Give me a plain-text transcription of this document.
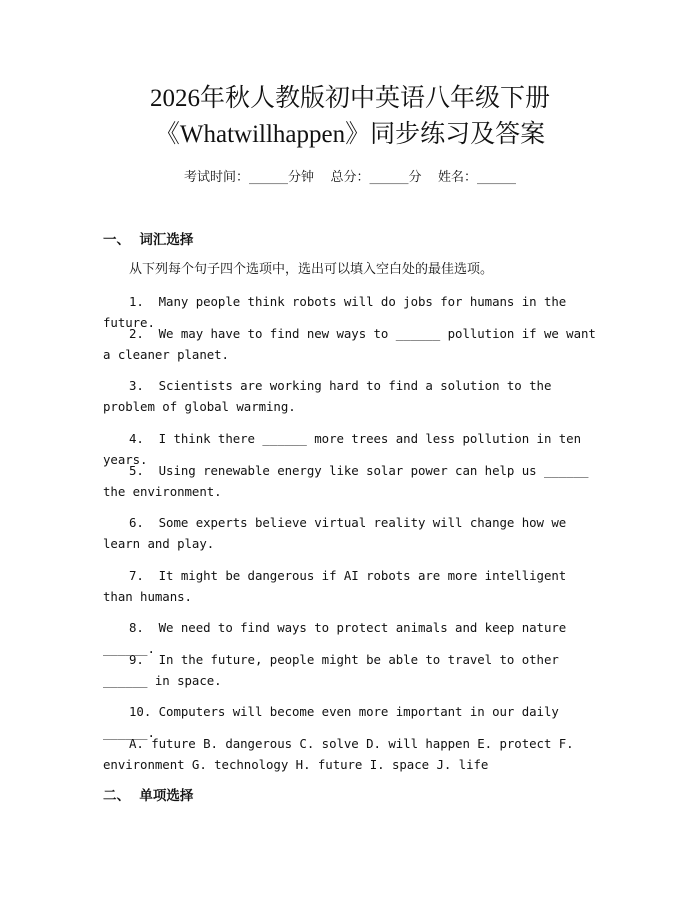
2026年秋人教版初中英语八年级下册
《Whatwillhappen》同步练习及答案
考试时间：______分钟    总分：______分    姓名：______
一、  词汇选择
从下列每个句子四个选项中，选出可以填入空白处的最佳选项。
1.  Many people think robots will do jobs for humans in the future.
2.  We may have to find new ways to ______ pollution if we want a cleaner planet.
3.  Scientists are working hard to find a solution to the problem of global warming.
4.  I think there ______ more trees and less pollution in ten years.
5.  Using renewable energy like solar power can help us ______ the environment.
6.  Some experts believe virtual reality will change how we learn and play.
7.  It might be dangerous if AI robots are more intelligent than humans.
8.  We need to find ways to protect animals and keep nature ______.
9.  In the future, people might be able to travel to other ______ in space.
10. Computers will become even more important in our daily ______.
A. future B. dangerous C. solve D. will happen E. protect F. environment G. technology H. future I. space J. life
二、  单项选择
